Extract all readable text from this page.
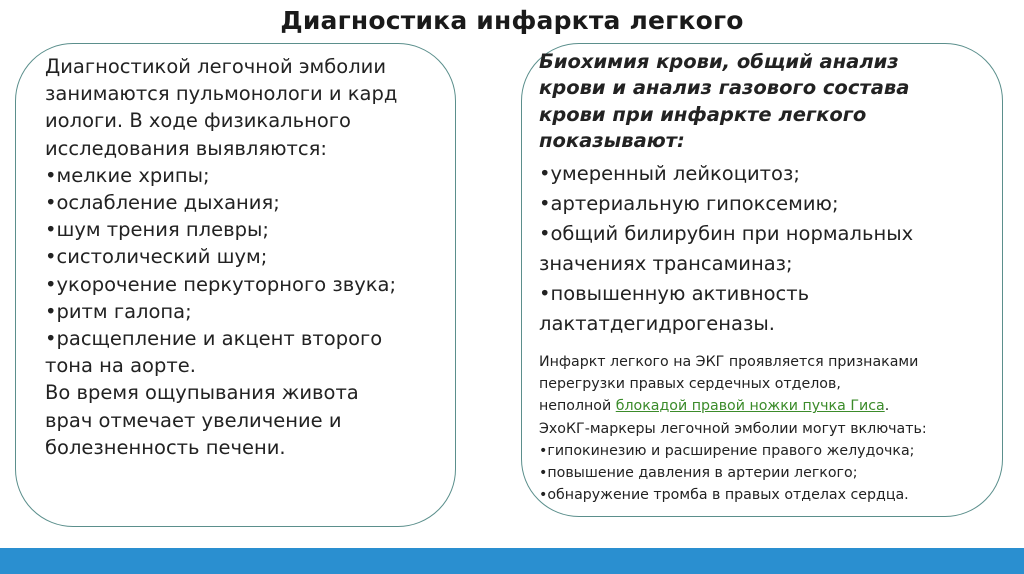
Диагностика инфаркта легкого
Диагностикой легочной эмболии
занимаются пульмонологи и кард
иологи. В ходе физикального
исследования выявляются:
•мелкие хрипы;
•ослабление дыхания;
•шум трения плевры;
•систолический шум;
•укорочение перкуторного звука;
•ритм галопа;
•расщепление и акцент второго
тона на аорте.
Во время ощупывания живота
врач отмечает увеличение и
болезненность печени.
Биохимия крови, общий анализ
крови и анализ газового состава
крови при инфаркте легкого
показывают:
•умеренный лейкоцитоз;
•артериальную гипоксемию;
•общий билирубин при нормальных
значениях трансаминаз;
•повышенную активность
лактатдегидрогеназы.
Инфаркт легкого на ЭКГ проявляется признаками
перегрузки правых сердечных отделов,
неполной блокадой правой ножки пучка Гиса.
ЭхоКГ-маркеры легочной эмболии могут включать:
•гипокинезию и расширение правого желудочка;
•повышение давления в артерии легкого;
•обнаружение тромба в правых отделах сердца.
